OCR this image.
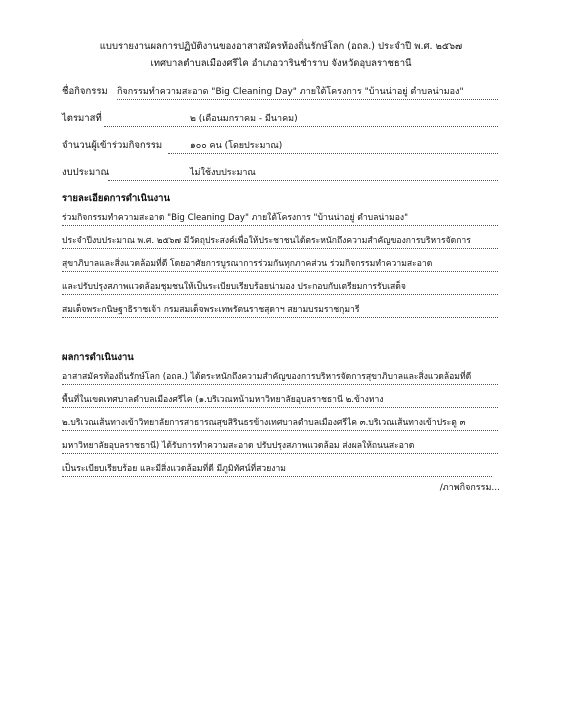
แบบรายงานผลการปฏิบัติงานของอาสาสมัครท้องถิ่นรักษ์โลก (อถล.) ประจำปี พ.ศ. ๒๕๖๗
เทศบาลตำบลเมืองศรีไค อำเภอวารินชำราบ จังหวัดอุบลราชธานี
ชื่อกิจกรรม กิจกรรมทำความสะอาด "Big Cleaning Day" ภายใต้โครงการ "บ้านน่าอยู่ ตำบลน่ามอง"
ไตรมาสที่	๒ (เดือนมกราคม - มีนาคม)
จำนวนผู้เข้าร่วมกิจกรรม	๑๐๐ คน (โดยประมาณ)
งบประมาณ	ไม่ใช้งบประมาณ
รายละเอียดการดำเนินงาน
ร่วมกิจกรรมทำความสะอาด "Big Cleaning Day" ภายใต้โครงการ "บ้านน่าอยู่ ตำบลน่ามอง"
ประจำปีงบประมาณ พ.ศ. ๒๕๖๗ มีวัตถุประสงค์เพื่อให้ประชาชนได้ตระหนักถึงความสำคัญของการบริหารจัดการ
สุขาภิบาลและสิ่งแวดล้อมที่ดี โดยอาศัยการบูรณาการร่วมกันทุกภาคส่วน ร่วมกิจกรรมทำความสะอาด
และปรับปรุงสภาพแวดล้อมชุมชนให้เป็นระเบียบเรียบร้อยน่ามอง ประกอบกับเตรียมการรับเสด็จ
สมเด็จพระกนิษฐาธิราชเจ้า กรมสมเด็จพระเทพรัตนราชสุดาฯ สยามบรมราชกุมารี
ผลการดำเนินงาน
อาสาสมัครท้องถิ่นรักษ์โลก (อถล.) ได้ตระหนักถึงความสำคัญของการบริหารจัดการสุขาภิบาลและสิ่งแวดล้อมที่ดี
พื้นที่ในเขตเทศบาลตำบลเมืองศรีไค (๑.บริเวณหน้ามหาวิทยาลัยอุบลราชธานี ๒.ข้างทาง
๒.บริเวณเส้นทางเข้าวิทยาลัยการสาธารณสุขสิรินธรข้างเทศบาลตำบลเมืองศรีไค ๓.บริเวณเส้นทางเข้าประตู ๓
มหาวิทยาลัยอุบลราชธานี) ได้รับการทำความสะอาด ปรับปรุงสภาพแวดล้อม ส่งผลให้ถนนสะอาด
เป็นระเบียบเรียบร้อย และมีสิ่งแวดล้อมที่ดี มีภูมิทัศน์ที่สวยงาม
/ภาพกิจกรรม...
